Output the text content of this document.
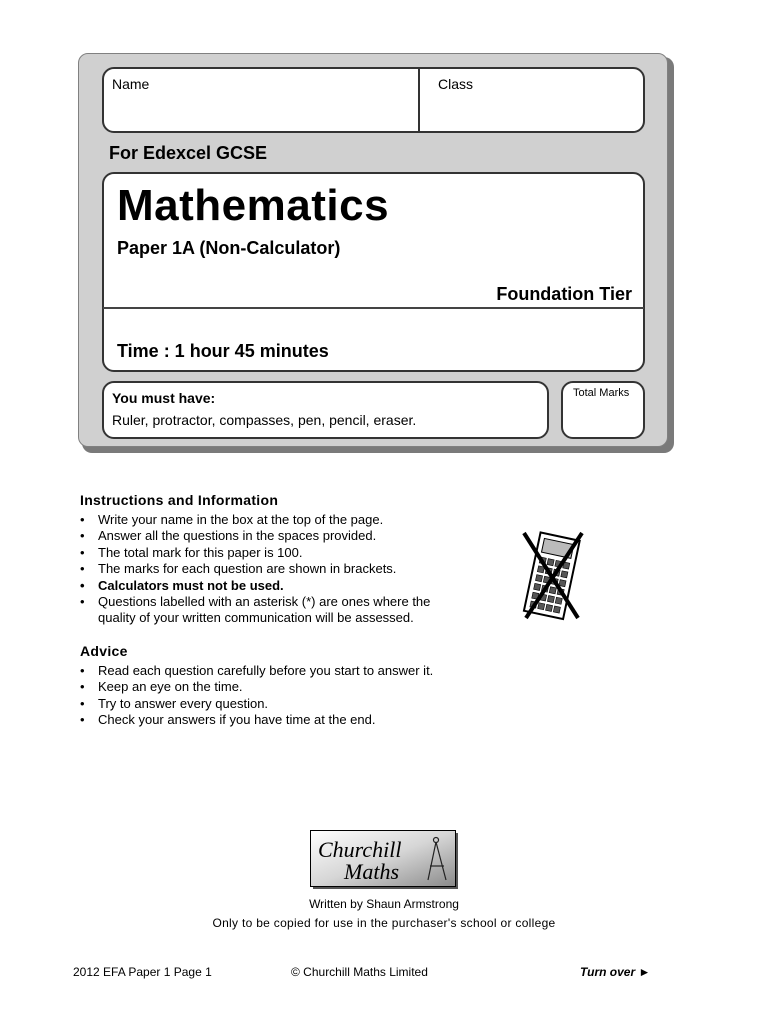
Name	Class
For Edexcel GCSE
Mathematics
Paper 1A (Non-Calculator)
Foundation Tier
Time : 1 hour 45 minutes
You must have:
Ruler, protractor, compasses, pen, pencil, eraser.
Total Marks
Instructions and Information
• Write your name in the box at the top of the page.
• Answer all the questions in the spaces provided.
• The total mark for this paper is 100.
• The marks for each question are shown in brackets.
• Calculators must not be used.
• Questions labelled with an asterisk (*) are ones where the quality of your written communication will be assessed.
Advice
• Read each question carefully before you start to answer it.
• Keep an eye on the time.
• Try to answer every question.
• Check your answers if you have time at the end.
Churchill
Maths
Written by Shaun Armstrong
Only to be copied for use in the purchaser's school or college
2012 EFA Paper 1 Page 1	© Churchill Maths Limited	Turn over ►
